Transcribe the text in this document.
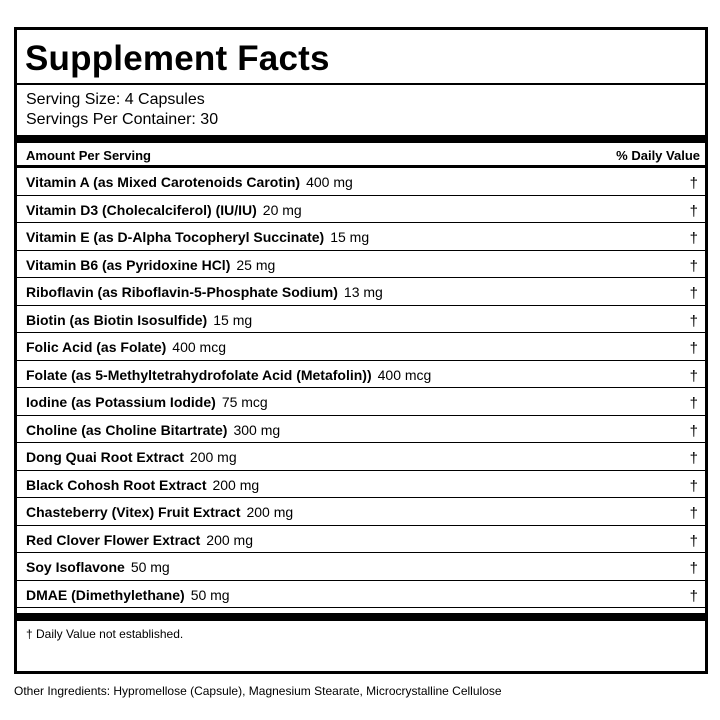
Supplement Facts
Serving Size: 4 Capsules
Servings Per Container: 30
Amount Per Serving	% Daily Value
Vitamin A (as Mixed Carotenoids Carotin) 400 mg	†
Vitamin D3 (Cholecalciferol) (IU/IU) 20 mg	†
Vitamin E (as D-Alpha Tocopheryl Succinate) 15 mg	†
Vitamin B6 (as Pyridoxine HCl) 25 mg	†
Riboflavin (as Riboflavin-5-Phosphate Sodium) 13 mg	†
Biotin (as Biotin Isosulfide) 15 mg	†
Folic Acid (as Folate) 400 mcg	†
Folate (as 5-Methyltetrahydrofolate Acid (Metafolin)) 400 mcg	†
Iodine (as Potassium Iodide) 75 mcg	†
Choline (as Choline Bitartrate) 300 mg	†
Dong Quai Root Extract 200 mg	†
Black Cohosh Root Extract 200 mg	†
Chasteberry (Vitex) Fruit Extract 200 mg	†
Red Clover Flower Extract 200 mg	†
Soy Isoflavone 50 mg	†
DMAE (Dimethylethane) 50 mg	†
† Daily Value not established.
Other Ingredients: Hypromellose (Capsule), Magnesium Stearate, Microcrystalline Cellulose
